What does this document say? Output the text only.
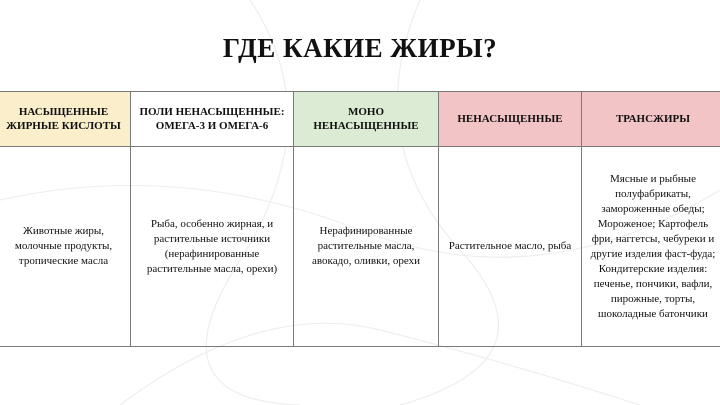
ГДЕ КАКИЕ ЖИРЫ?
НАСЫЩЕННЫЕ ЖИРНЫЕ КИСЛОТЫ	ПОЛИ НЕНАСЫЩЕННЫЕ: ОМЕГА-3 И ОМЕГА-6	МОНО НЕНАСЫЩЕННЫЕ	НЕНАСЫЩЕННЫЕ	ТРАНСЖИРЫ

Животные жиры, молочные продукты, тропические масла	Рыба, особенно жирная, и растительные источники (нерафинированные растительные масла, орехи)	Нерафинированные растительные масла, авокадо, оливки, орехи	Растительное масло, рыба	Мясные и рыбные полуфабрикаты, замороженные обеды; Мороженое; Картофель фри, наггетсы, чебуреки и другие изделия фаст-фуда; Кондитерские изделия: печенье, пончики, вафли, пирожные, торты, шоколадные батончики
